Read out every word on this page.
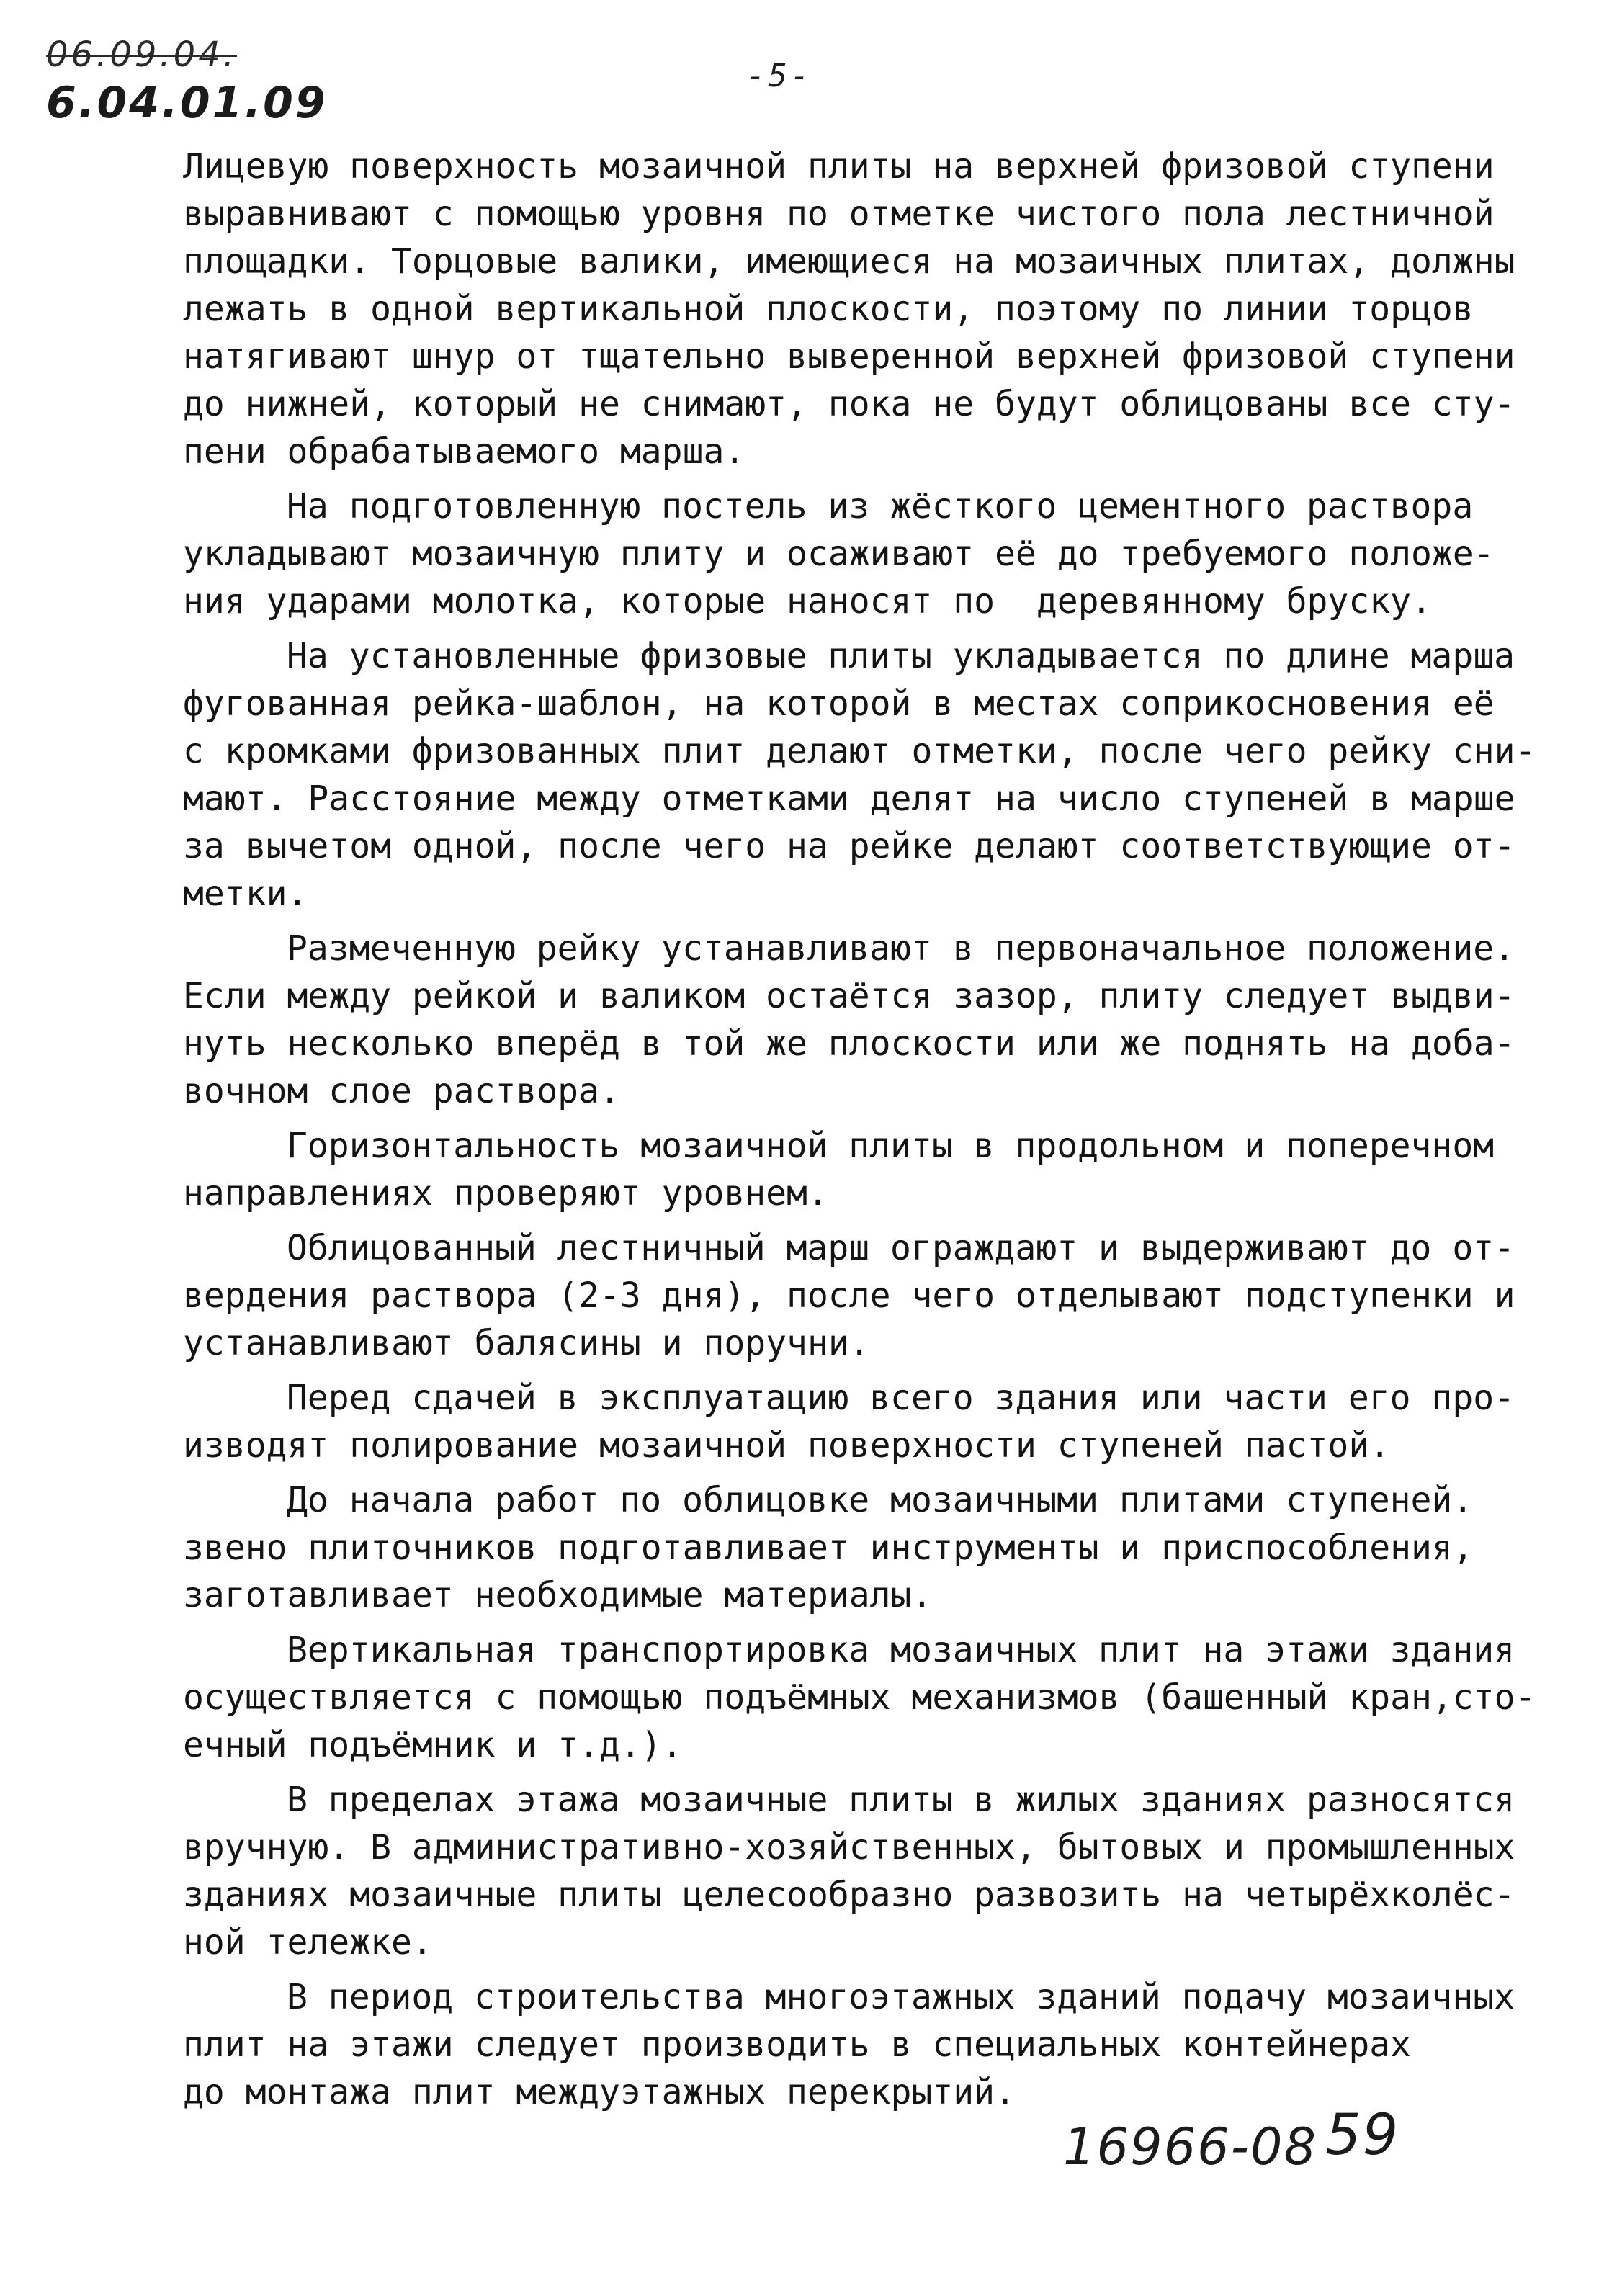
06.09.04.
6.04.01.09
-5-
Лицевую поверхность мозаичной плиты на верхней фризовой ступени
выравнивают с помощью уровня по отметке чистого пола лестничной
площадки. Торцовые валики, имеющиеся на мозаичных плитах, должны
лежать в одной вертикальной плоскости, поэтому по линии торцов
натягивают шнур от тщательно выверенной верхней фризовой ступени
до нижней, который не снимают, пока не будут облицованы все сту-
пени обрабатываемого марша.
На подготовленную постель из жёсткого цементного раствора
укладывают мозаичную плиту и осаживают её до требуемого положе-
ния ударами молотка, которые наносят по  деревянному бруску.
На установленные фризовые плиты укладывается по длине марша
фугованная рейка-шаблон, на которой в местах соприкосновения её
с кромками фризованных плит делают отметки, после чего рейку сни-
мают. Расстояние между отметками делят на число ступеней в марше
за вычетом одной, после чего на рейке делают соответствующие от-
метки.
Размеченную рейку устанавливают в первоначальное положение.
Если между рейкой и валиком остаётся зазор, плиту следует выдви-
нуть несколько вперёд в той же плоскости или же поднять на доба-
вочном слое раствора.
Горизонтальность мозаичной плиты в продольном и поперечном
направлениях проверяют уровнем.
Облицованный лестничный марш ограждают и выдерживают до от-
вердения раствора (2-3 дня), после чего отделывают подступенки и
устанавливают балясины и поручни.
Перед сдачей в эксплуатацию всего здания или части его про-
изводят полирование мозаичной поверхности ступеней пастой.
До начала работ по облицовке мозаичными плитами ступеней.
звено плиточников подготавливает инструменты и приспособления,
заготавливает необходимые материалы.
Вертикальная транспортировка мозаичных плит на этажи здания
осуществляется с помощью подъёмных механизмов (башенный кран,сто-
ечный подъёмник и т.д.).
В пределах этажа мозаичные плиты в жилых зданиях разносятся
вручную. В административно-хозяйственных, бытовых и промышленных
зданиях мозаичные плиты целесообразно развозить на четырёхколёс-
ной тележке.
В период строительства многоэтажных зданий подачу мозаичных
плит на этажи следует производить в специальных контейнерах
до монтажа плит междуэтажных перекрытий.
16966-08 59
